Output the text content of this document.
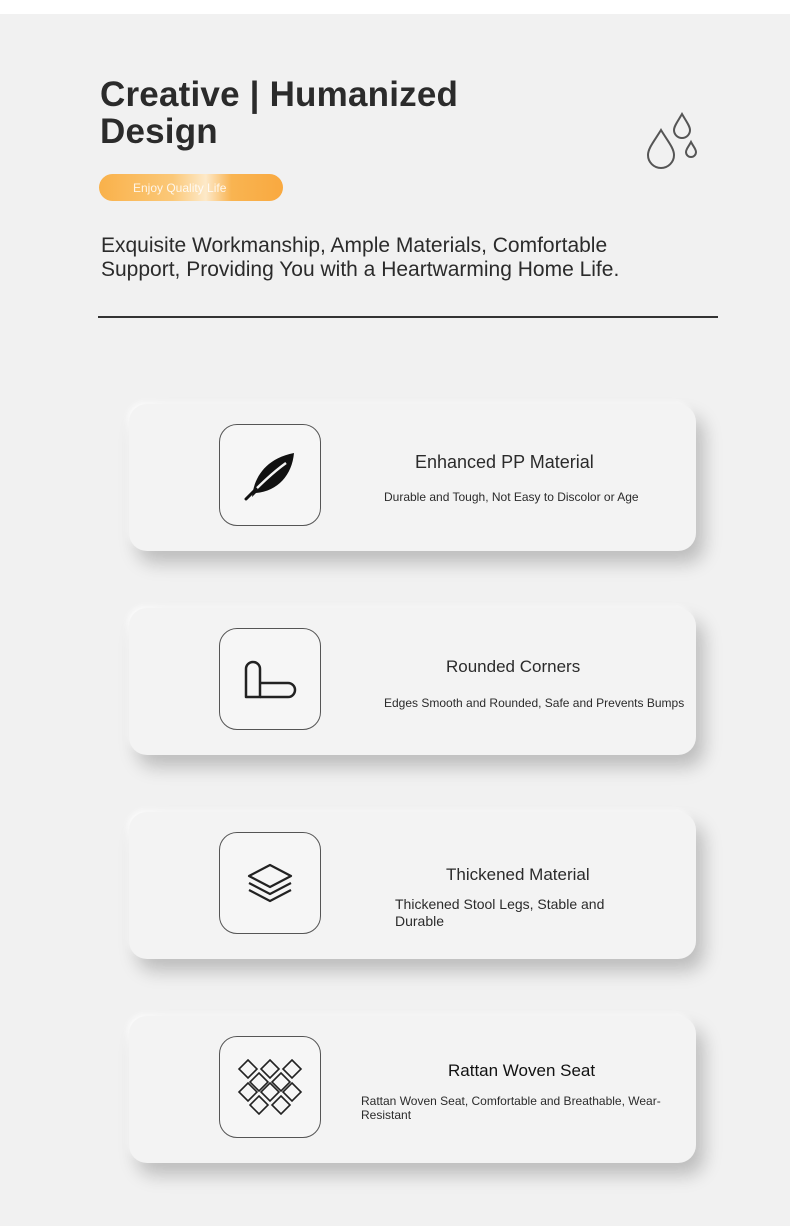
Creative | Humanized
Design
Enjoy Quality Life
Exquisite Workmanship, Ample Materials, Comfortable Support, Providing You with a Heartwarming Home Life.
Enhanced PP Material
Durable and Tough, Not Easy to Discolor or Age
Rounded Corners
Edges Smooth and Rounded, Safe and Prevents Bumps
Thickened Material
Thickened Stool Legs, Stable and Durable
Rattan Woven Seat
Rattan Woven Seat, Comfortable and Breathable, Wear-Resistant
